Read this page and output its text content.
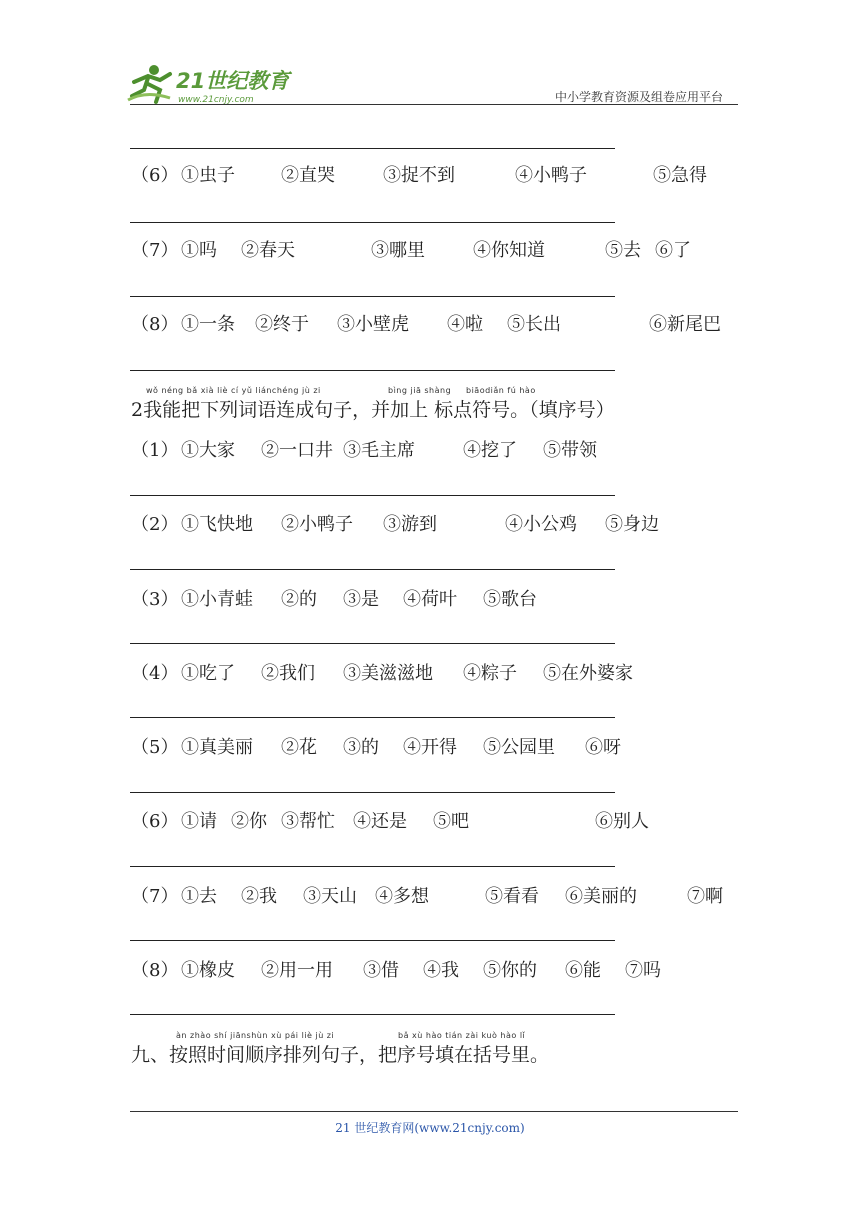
21世纪教育
www.21cnjy.com	中小学教育资源及组卷应用平台
（6） ①虫子	②直哭	③捉不到	④小鸭子	⑤急得
（7） ①吗 ②春天	③哪里	④你知道	⑤去 ⑥了
（8） ①一条 ②终于 ③小壁虎 ④啦 ⑤长出	⑥新尾巴
wǒ néng bǎ xià liè cí yǔ liánchéng jù zi	bìng jiā shàng biāodiǎn fú hào
2我能把下列词语连成句子，并加上 标点符号。（填序号）
（1） ①大家 ②一口井 ③毛主席	④挖了 ⑤带领
（2） ①飞快地 ②小鸭子 ③游到	④小公鸡 ⑤身边
（3） ①小青蛙 ②的 ③是 ④荷叶 ⑤歌台
（4） ①吃了 ②我们 ③美滋滋地 ④粽子 ⑤在外婆家
（5） ①真美丽 ②花 ③的 ④开得 ⑤公园里 ⑥呀
（6） ①请 ②你 ③帮忙 ④还是 ⑤吧	⑥别人
（7） ①去 ②我 ③天山 ④多想	⑤看看 ⑥美丽的	⑦啊
（8） ①橡皮 ②用一用 ③借 ④我 ⑤你的 ⑥能 ⑦吗
àn zhào shí jiānshùn xù pái liè jù zi	bǎ xù hào tián zài kuò hào lǐ
九、按照时间顺序排列句子，把序号填在括号里。
21 世纪教育网(www.21cnjy.com)
